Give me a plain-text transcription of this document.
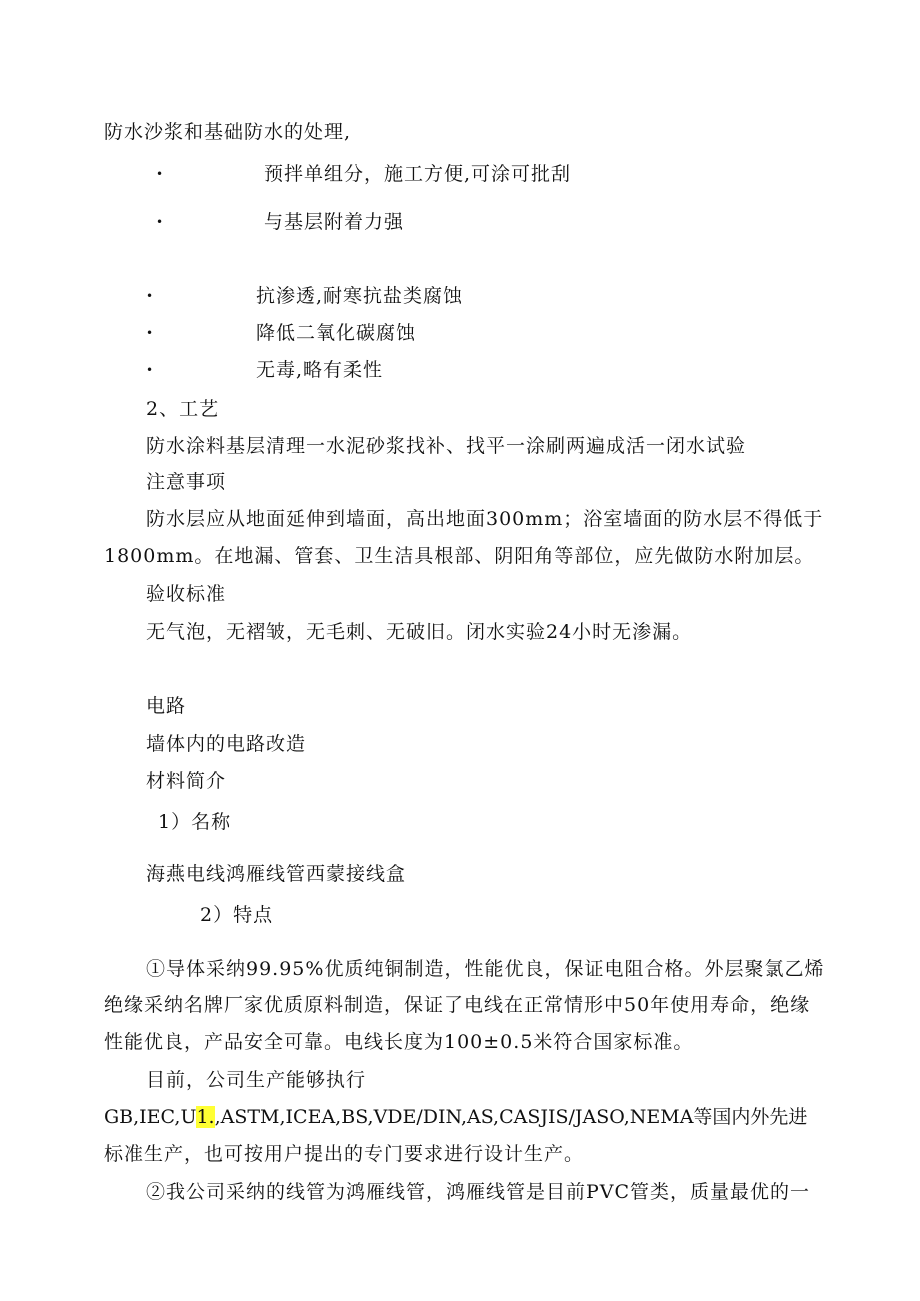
防水沙浆和基础防水的处理,
•	预拌单组分，施工方便,可涂可批刮
•	与基层附着力强
•	抗渗透,耐寒抗盐类腐蚀
•	降低二氧化碳腐蚀
•	无毒,略有柔性
2、工艺
防水涂料基层清理一水泥砂浆找补、找平一涂刷两遍成活一闭水试验
注意事项
防水层应从地面延伸到墙面，高出地面300mm；浴室墙面的防水层不得低于
1800mm。在地漏、管套、卫生洁具根部、阴阳角等部位，应先做防水附加层。
验收标准
无气泡，无褶皱，无毛刺、无破旧。闭水实验24小时无渗漏。
电路
墙体内的电路改造
材料简介
1）名称
海燕电线鸿雁线管西蒙接线盒
2）特点
①导体采纳99.95%优质纯铜制造，性能优良，保证电阻合格。外层聚氯乙烯
绝缘采纳名牌厂家优质原料制造，保证了电线在正常情形中50年使用寿命，绝缘
性能优良，产品安全可靠。电线长度为100±0.5米符合国家标准。
目前，公司生产能够执行
GB,IEC,U1.,ASTM,ICEA,BS,VDE/DIN,AS,CASJIS/JASO,NEMA等国内外先进
标准生产，也可按用户提出的专门要求进行设计生产。
②我公司采纳的线管为鸿雁线管，鸿雁线管是目前PVC管类，质量最优的一
